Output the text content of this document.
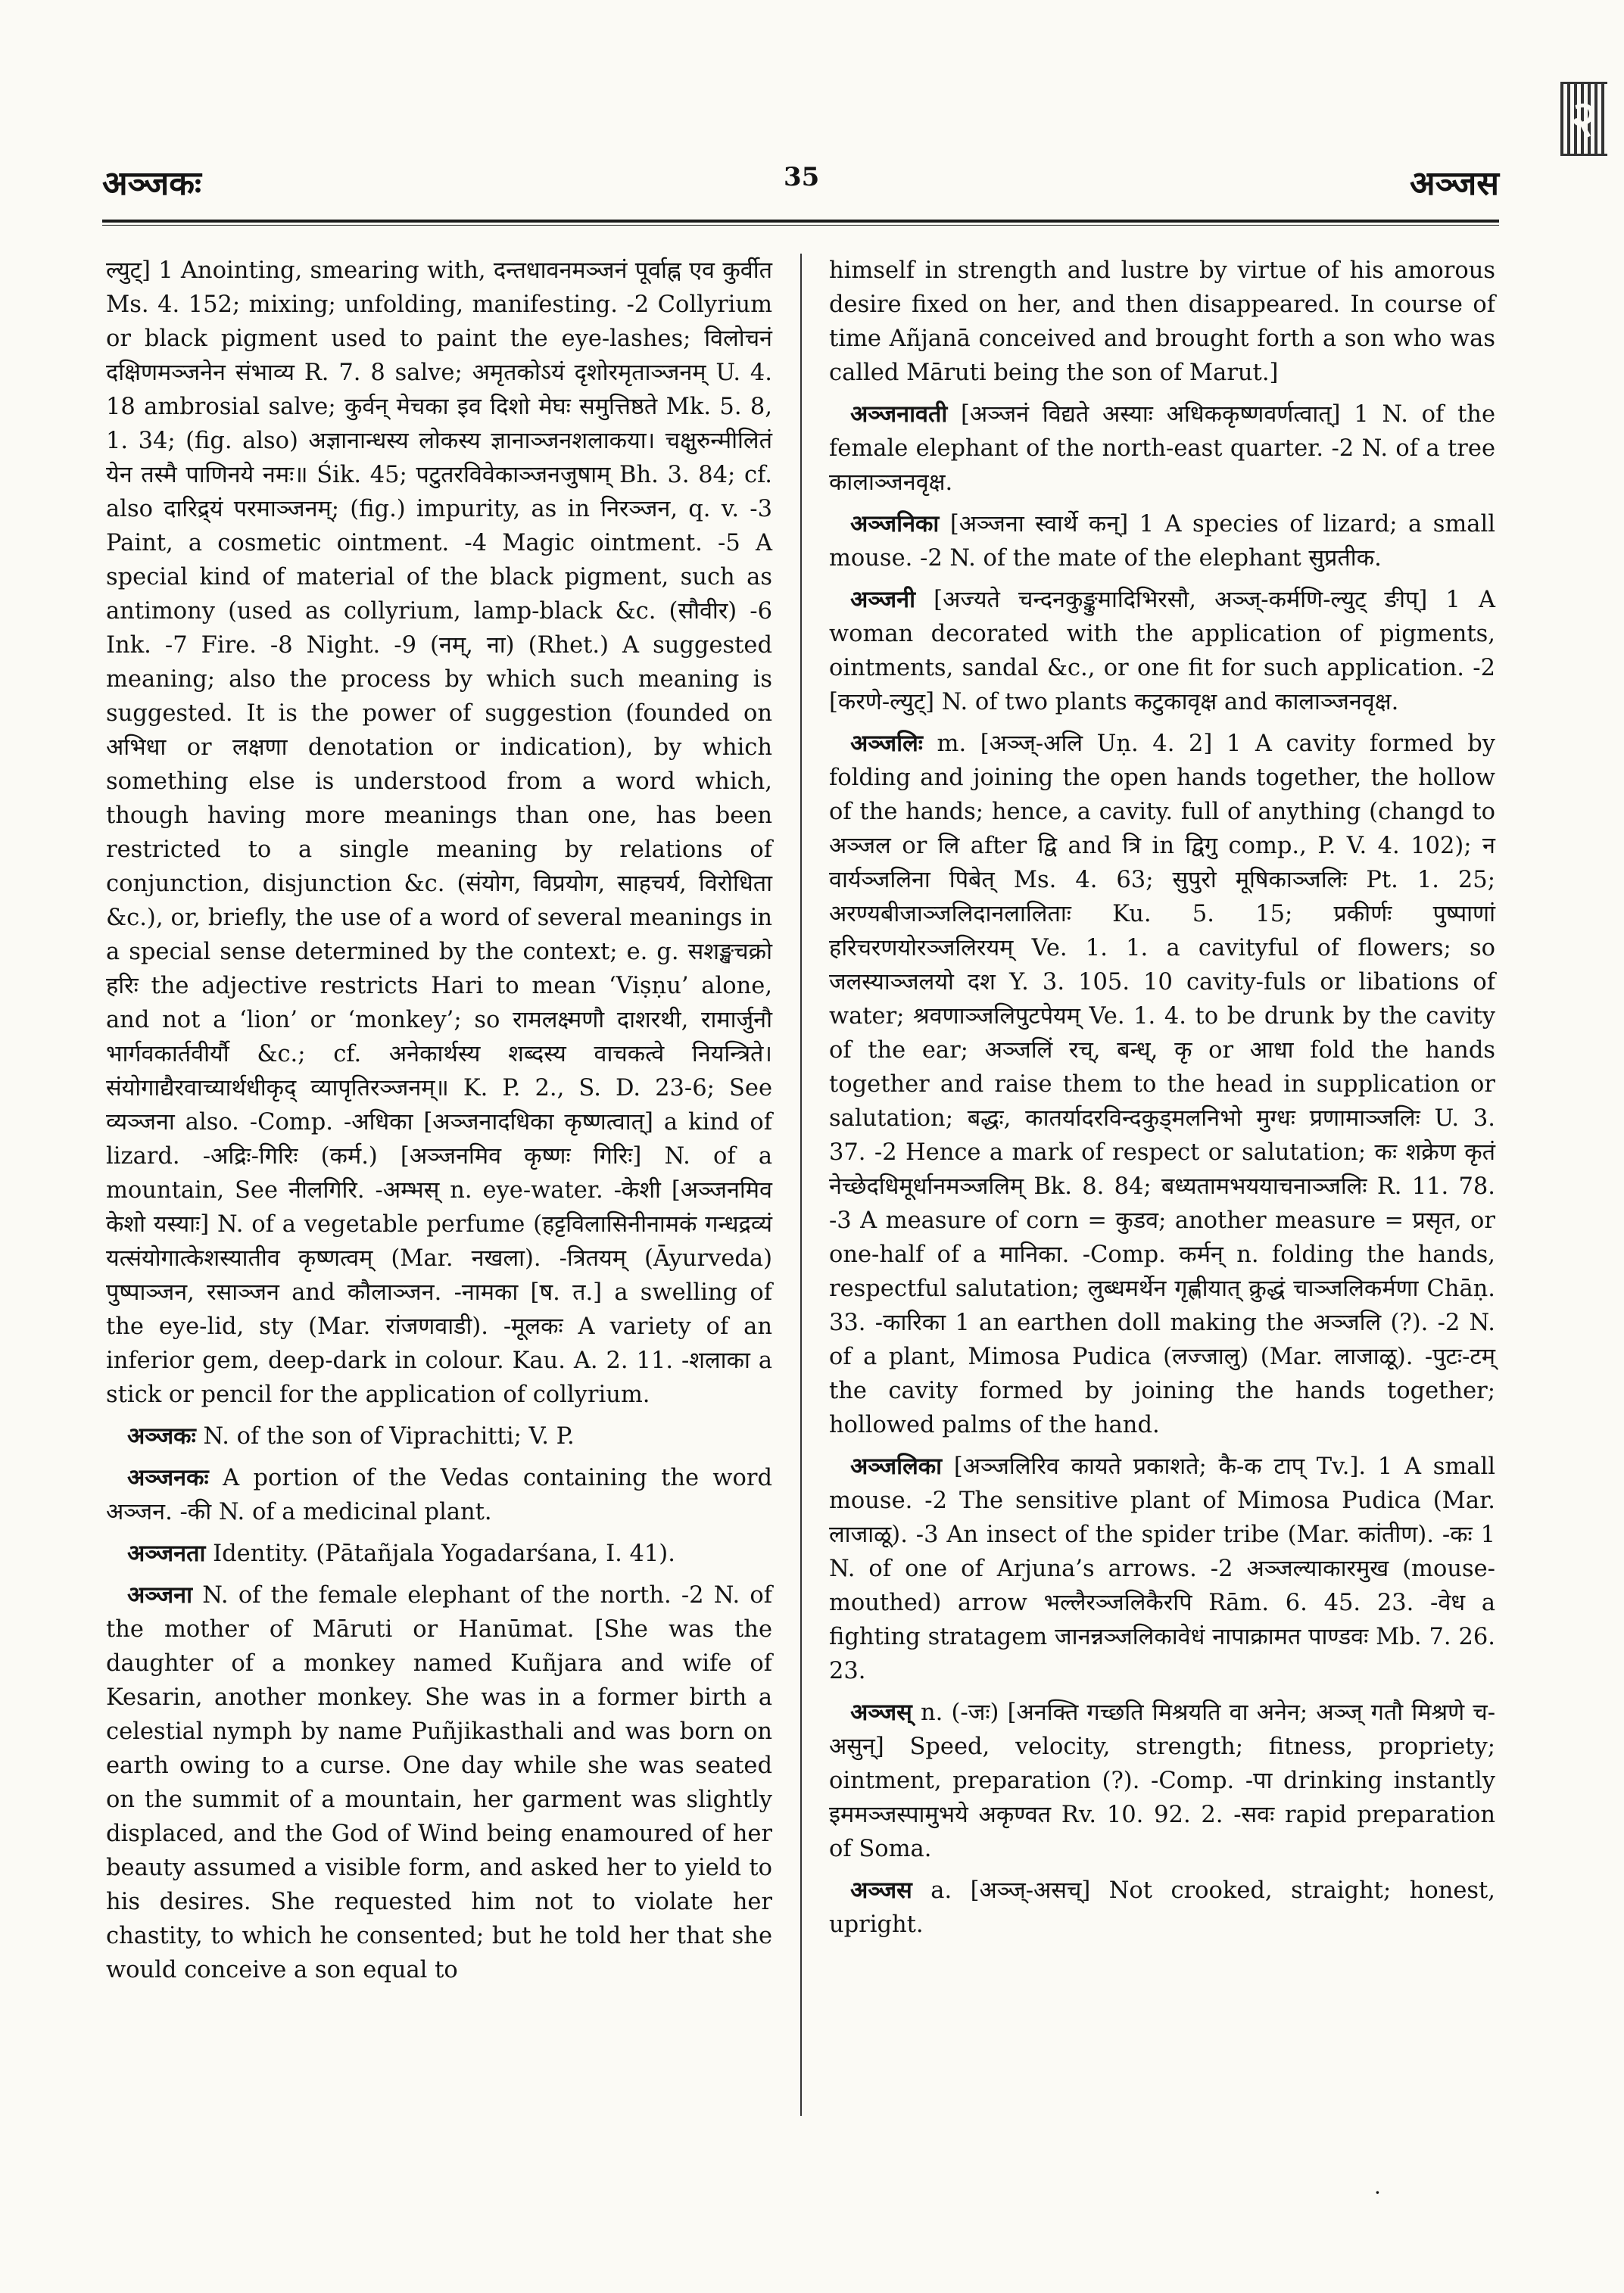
२
अञ्जकः	35	अञ्जस

ल्युट्] 1 Anointing, smearing with, दन्तधावनमञ्जनं पूर्वाह्न एव कुर्वीत Ms. 4. 152; mixing; unfolding, manifesting. -2 Collyrium or black pigment used to paint the eye-lashes; विलोचनं दक्षिणमञ्जनेन संभाव्य R. 7. 8 salve; अमृतकोऽयं दृशोरमृताञ्जनम् U. 4. 18 ambrosial salve; कुर्वन् मेचका इव दिशो मेघः समुत्तिष्ठते Mk. 5. 8, 1. 34; (fig. also) अज्ञानान्धस्य लोकस्य ज्ञानाञ्जनशलाकया। चक्षुरुन्मीलितं येन तस्मै पाणिनये नमः॥ Śik. 45; पटुतरविवेकाञ्जनजुषाम् Bh. 3. 84; cf. also दारिद्र्यं परमाञ्जनम्; (fig.) impurity, as in निरञ्जन, q. v. -3 Paint, a cosmetic ointment. -4 Magic ointment. -5 A special kind of material of the black pigment, such as antimony (used as collyrium, lamp-black &c. (सौवीर) -6 Ink. -7 Fire. -8 Night. -9 (नम्, ना) (Rhet.) A suggested meaning; also the process by which such meaning is suggested. It is the power of suggestion (founded on अभिधा or लक्षणा denotation or indication), by which something else is understood from a word which, though having more meanings than one, has been restricted to a single meaning by relations of conjunction, disjunction &c. (संयोग, विप्रयोग, साहचर्य, विरोधिता &c.), or, briefly, the use of a word of several meanings in a special sense determined by the context; e. g. सशङ्खचक्रो हरिः the adjective restricts Hari to mean ‘Viṣṇu’ alone, and not a ‘lion’ or ‘monkey’; so रामलक्ष्मणौ दाशरथी, रामार्जुनौ भार्गवकार्तवीर्यौ &c.; cf. अनेकार्थस्य शब्दस्य वाचकत्वे नियन्त्रिते। संयोगाद्यैरवाच्यार्थधीकृद् व्यापृतिरञ्जनम्॥ K. P. 2., S. D. 23-6; See व्यञ्जना also. -Comp. -अधिका [अञ्जनादधिका कृष्णत्वात्] a kind of lizard. -अद्रिः-गिरिः (कर्म.) [अञ्जनमिव कृष्णः गिरिः] N. of a mountain, See नीलगिरि. -अम्भस् n. eye-water. -केशी [अञ्जनमिव केशो यस्याः] N. of a vegetable perfume (हट्टविलासिनीनामकं गन्धद्रव्यं यत्संयोगात्केशस्यातीव कृष्णत्वम् (Mar. नखला). -त्रितयम् (Āyurveda) पुष्पाञ्जन, रसाञ्जन and कौलाञ्जन. -नामका [ष. त.] a swelling of the eye-lid, sty (Mar. रांजणवाडी). -मूलकः A variety of an inferior gem, deep-dark in colour. Kau. A. 2. 11. -शलाका a stick or pencil for the application of collyrium.

अञ्जकः N. of the son of Viprachitti; V. P.

अञ्जनकः A portion of the Vedas containing the word अञ्जन. -की N. of a medicinal plant.

अञ्जनता Identity. (Pātañjala Yogadarśana, I. 41).

अञ्जना N. of the female elephant of the north. -2 N. of the mother of Māruti or Hanūmat. [She was the daughter of a monkey named Kuñjara and wife of Kesarin, another monkey. She was in a former birth a celestial nymph by name Puñjikasthali and was born on earth owing to a curse. One day while she was seated on the summit of a mountain, her garment was slightly displaced, and the God of Wind being enamoured of her beauty assumed a visible form, and asked her to yield to his desires. She requested him not to violate her chastity, to which he consented; but he told her that she would conceive a son equal to

himself in strength and lustre by virtue of his amorous desire fixed on her, and then disappeared. In course of time Añjanā conceived and brought forth a son who was called Māruti being the son of Marut.]

अञ्जनावती [अञ्जनं विद्यते अस्याः अधिककृष्णवर्णत्वात्] 1 N. of the female elephant of the north-east quarter. -2 N. of a tree कालाञ्जनवृक्ष.

अञ्जनिका [अञ्जना स्वार्थे कन्] 1 A species of lizard; a small mouse. -2 N. of the mate of the elephant सुप्रतीक.

अञ्जनी [अज्यते चन्दनकुङ्कुमादिभिरसौ, अञ्ज्-कर्मणि-ल्युट् ङीप्] 1 A woman decorated with the application of pigments, ointments, sandal &c., or one fit for such application. -2 [करणे-ल्युट्] N. of two plants कटुकावृक्ष and कालाञ्जनवृक्ष.

अञ्जलिः m. [अञ्ज्-अलि Uṇ. 4. 2] 1 A cavity formed by folding and joining the open hands together, the hollow of the hands; hence, a cavity. full of anything (changd to अञ्जल or लि after द्वि and त्रि in द्विगु comp., P. V. 4. 102); न वार्यञ्जलिना पिबेत् Ms. 4. 63; सुपुरो मूषिकाञ्जलिः Pt. 1. 25; अरण्यबीजाञ्जलिदानलालिताः Ku. 5. 15; प्रकीर्णः पुष्पाणां हरिचरणयोरञ्जलिरयम् Ve. 1. 1. a cavityful of flowers; so जलस्याञ्जलयो दश Y. 3. 105. 10 cavity-fuls or libations of water; श्रवणाञ्जलिपुटपेयम् Ve. 1. 4. to be drunk by the cavity of the ear; अञ्जलिं रच्, बन्ध्, कृ or आधा fold the hands together and raise them to the head in supplication or salutation; बद्धः, कातर्यादरविन्दकुड्मलनिभो मुग्धः प्रणामाञ्जलिः U. 3. 37. -2 Hence a mark of respect or salutation; कः शक्रेण कृतं नेच्छेदधिमूर्धानमञ्जलिम् Bk. 8. 84; बध्यतामभययाचनाञ्जलिः R. 11. 78. -3 A measure of corn = कुडव; another measure = प्रसृत, or one-half of a मानिका. -Comp. कर्मन् n. folding the hands, respectful salutation; लुब्धमर्थेन गृह्णीयात् क्रुद्धं चाञ्जलिकर्मणा Chāṇ. 33. -कारिका 1 an earthen doll making the अञ्जलि (?). -2 N. of a plant, Mimosa Pudica (लज्जालु) (Mar. लाजाळू). -पुटः-टम् the cavity formed by joining the hands together; hollowed palms of the hand.

अञ्जलिका [अञ्जलिरिव कायते प्रकाशते; कै-क टाप् Tv.]. 1 A small mouse. -2 The sensitive plant of Mimosa Pudica (Mar. लाजाळू). -3 An insect of the spider tribe (Mar. कांतीण). -कः 1 N. of one of Arjuna’s arrows. -2 अञ्जल्याकारमुख (mouse-mouthed) arrow भल्लैरञ्जलिकैरपि Rām. 6. 45. 23. -वेध a fighting stratagem जानन्नञ्जलिकावेधं नापाक्रामत पाण्डवः Mb. 7. 26. 23.

अञ्जस् n. (-जः) [अनक्ति गच्छति मिश्रयति वा अनेन; अञ्ज् गतौ मिश्रणे च-असुन्] Speed, velocity, strength; fitness, propriety; ointment, preparation (?). -Comp. -पा drinking instantly इममञ्जस्पामुभये अकृण्वत Rv. 10. 92. 2. -सवः rapid preparation of Soma.

अञ्जस a. [अञ्ज्-असच्] Not crooked, straight; honest, upright.

·
